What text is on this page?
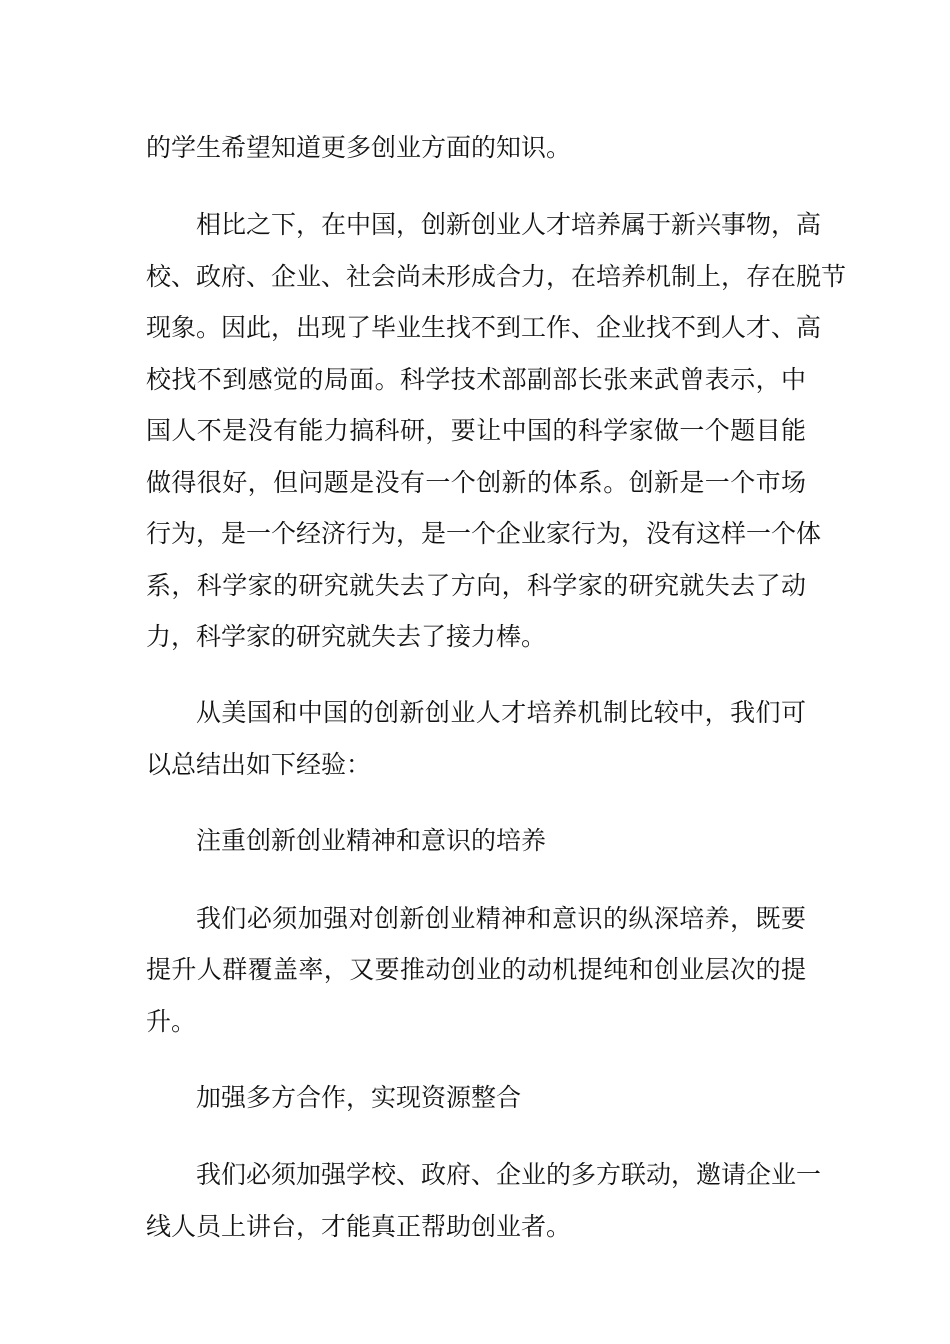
的学生希望知道更多创业方面的知识。
相比之下，在中国，创新创业人才培养属于新兴事物，高
校、政府、企业、社会尚未形成合力，在培养机制上，存在脱节
现象。因此，出现了毕业生找不到工作、企业找不到人才、高
校找不到感觉的局面。科学技术部副部长张来武曾表示，中
国人不是没有能力搞科研，要让中国的科学家做一个题目能
做得很好，但问题是没有一个创新的体系。创新是一个市场
行为，是一个经济行为，是一个企业家行为，没有这样一个体
系，科学家的研究就失去了方向，科学家的研究就失去了动
力，科学家的研究就失去了接力棒。
从美国和中国的创新创业人才培养机制比较中，我们可
以总结出如下经验：
注重创新创业精神和意识的培养
我们必须加强对创新创业精神和意识的纵深培养，既要
提升人群覆盖率，又要推动创业的动机提纯和创业层次的提
升。
加强多方合作，实现资源整合
我们必须加强学校、政府、企业的多方联动，邀请企业一
线人员上讲台，才能真正帮助创业者。
